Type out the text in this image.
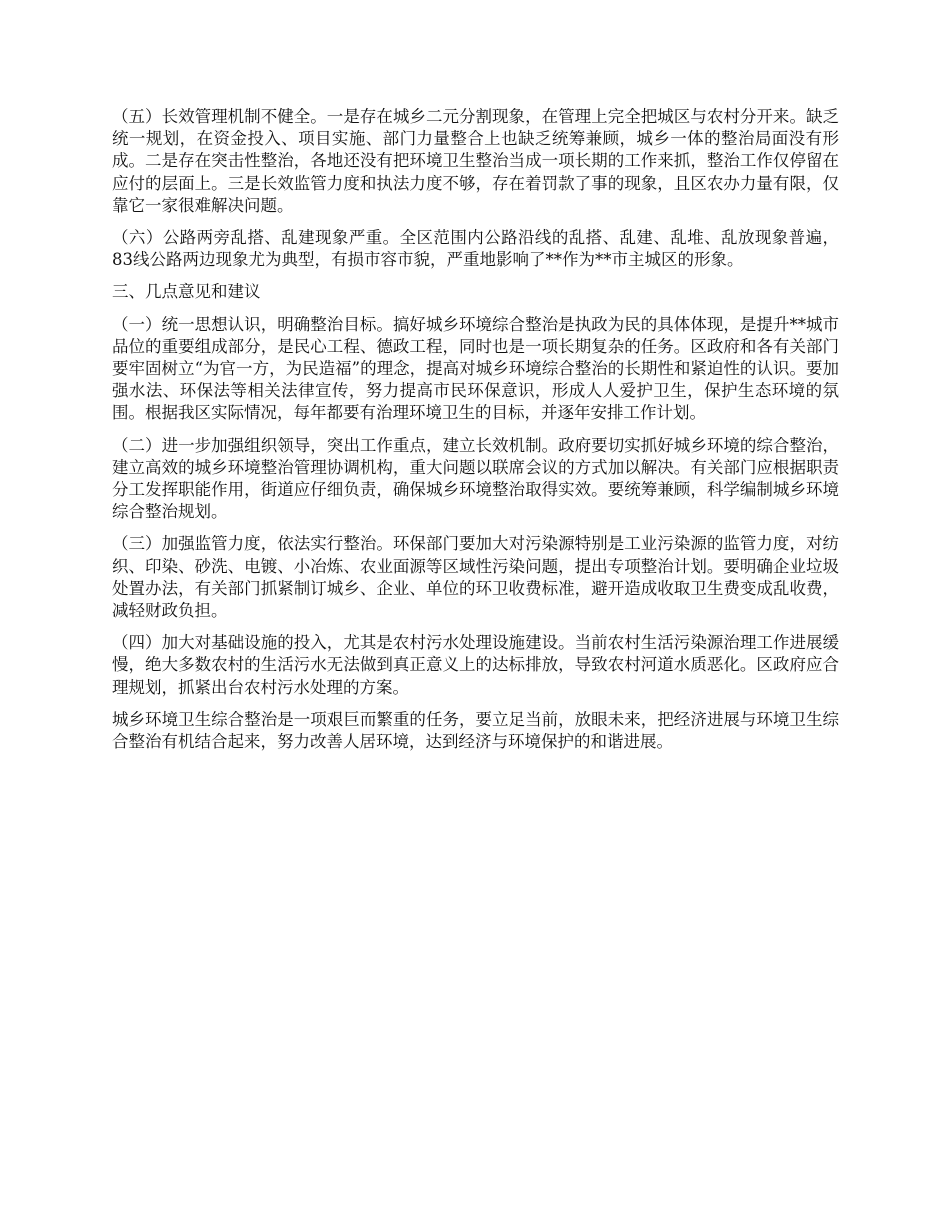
（五）长效管理机制不健全。一是存在城乡二元分割现象，在管理上完全把城区与农村分开来。缺乏统一规划，在资金投入、项目实施、部门力量整合上也缺乏统筹兼顾，城乡一体的整治局面没有形成。二是存在突击性整治，各地还没有把环境卫生整治当成一项长期的工作来抓，整治工作仅停留在应付的层面上。三是长效监管力度和执法力度不够，存在着罚款了事的现象，且区农办力量有限，仅靠它一家很难解决问题。

（六）公路两旁乱搭、乱建现象严重。全区范围内公路沿线的乱搭、乱建、乱堆、乱放现象普遍，83线公路两边现象尤为典型，有损市容市貌，严重地影响了**作为**市主城区的形象。

三、几点意见和建议

（一）统一思想认识，明确整治目标。搞好城乡环境综合整治是执政为民的具体体现，是提升**城市品位的重要组成部分，是民心工程、德政工程，同时也是一项长期复杂的任务。区政府和各有关部门要牢固树立“为官一方，为民造福”的理念，提高对城乡环境综合整治的长期性和紧迫性的认识。要加强水法、环保法等相关法律宣传，努力提高市民环保意识，形成人人爱护卫生，保护生态环境的氛围。根据我区实际情况，每年都要有治理环境卫生的目标，并逐年安排工作计划。

（二）进一步加强组织领导，突出工作重点，建立长效机制。政府要切实抓好城乡环境的综合整治，建立高效的城乡环境整治管理协调机构，重大问题以联席会议的方式加以解决。有关部门应根据职责分工发挥职能作用，街道应仔细负责，确保城乡环境整治取得实效。要统筹兼顾，科学编制城乡环境综合整治规划。

（三）加强监管力度，依法实行整治。环保部门要加大对污染源特别是工业污染源的监管力度，对纺织、印染、砂洗、电镀、小冶炼、农业面源等区域性污染问题，提出专项整治计划。要明确企业垃圾处置办法，有关部门抓紧制订城乡、企业、单位的环卫收费标准，避开造成收取卫生费变成乱收费，减轻财政负担。

（四）加大对基础设施的投入，尤其是农村污水处理设施建设。当前农村生活污染源治理工作进展缓慢，绝大多数农村的生活污水无法做到真正意义上的达标排放，导致农村河道水质恶化。区政府应合理规划，抓紧出台农村污水处理的方案。

城乡环境卫生综合整治是一项艰巨而繁重的任务，要立足当前，放眼未来，把经济进展与环境卫生综合整治有机结合起来，努力改善人居环境，达到经济与环境保护的和谐进展。
